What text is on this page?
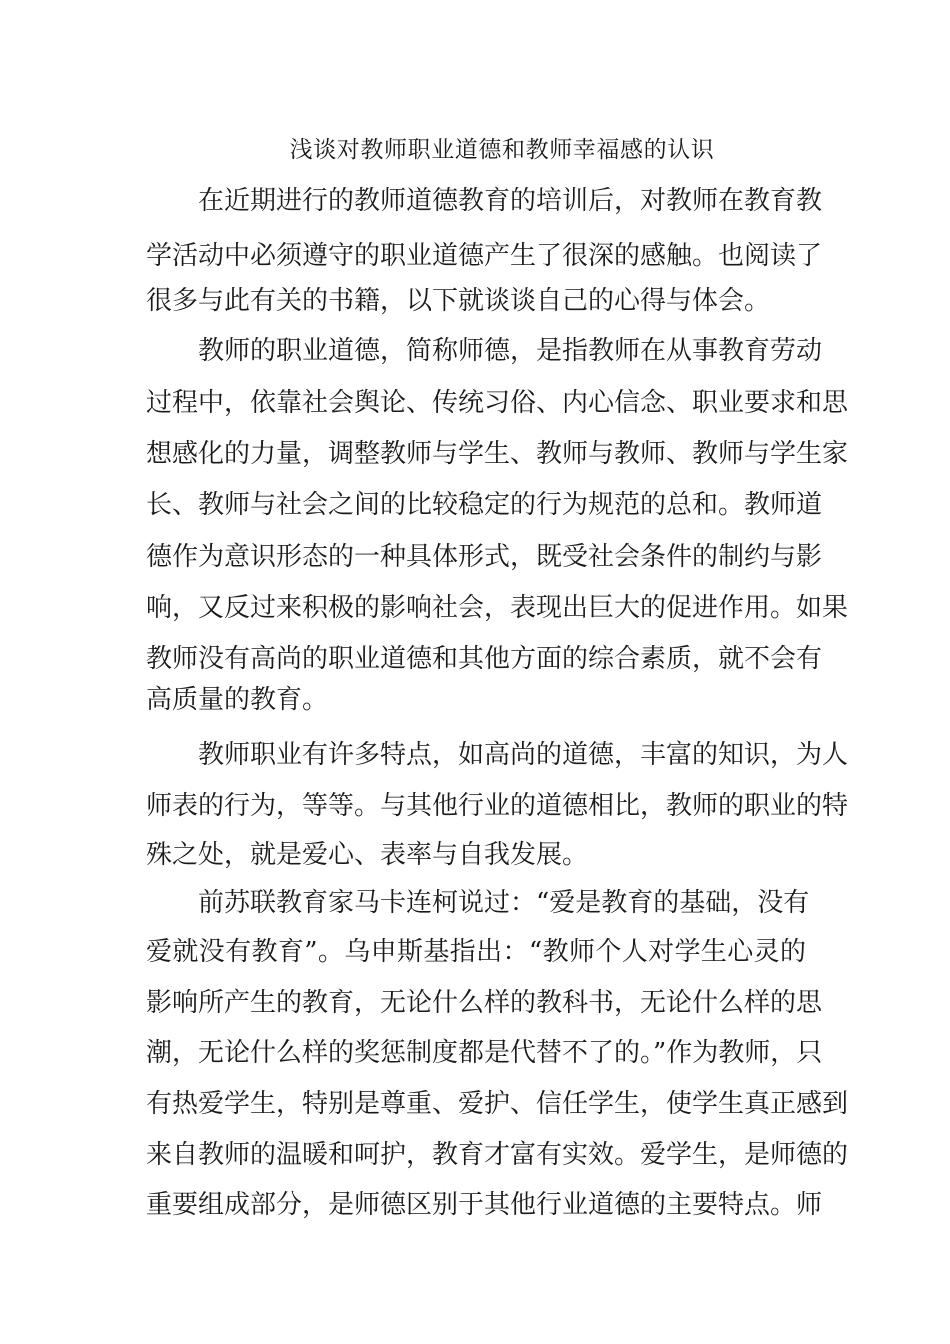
浅谈对教师职业道德和教师幸福感的认识
在近期进行的教师道德教育的培训后，对教师在教育教
学活动中必须遵守的职业道德产生了很深的感触。也阅读了
很多与此有关的书籍，以下就谈谈自己的心得与体会。
教师的职业道德，简称师德，是指教师在从事教育劳动
过程中，依靠社会舆论、传统习俗、内心信念、职业要求和思
想感化的力量，调整教师与学生、教师与教师、教师与学生家
长、教师与社会之间的比较稳定的行为规范的总和。教师道
德作为意识形态的一种具体形式，既受社会条件的制约与影
响，又反过来积极的影响社会，表现出巨大的促进作用。如果
教师没有高尚的职业道德和其他方面的综合素质，就不会有
高质量的教育。
教师职业有许多特点，如高尚的道德，丰富的知识，为人
师表的行为，等等。与其他行业的道德相比，教师的职业的特
殊之处，就是爱心、表率与自我发展。
前苏联教育家马卡连柯说过：“爱是教育的基础，没有
爱就没有教育”。乌申斯基指出：“教师个人对学生心灵的
影响所产生的教育，无论什么样的教科书，无论什么样的思
潮，无论什么样的奖惩制度都是代替不了的。”作为教师，只
有热爱学生，特别是尊重、爱护、信任学生，使学生真正感到
来自教师的温暖和呵护，教育才富有实效。爱学生，是师德的
重要组成部分，是师德区别于其他行业道德的主要特点。师
